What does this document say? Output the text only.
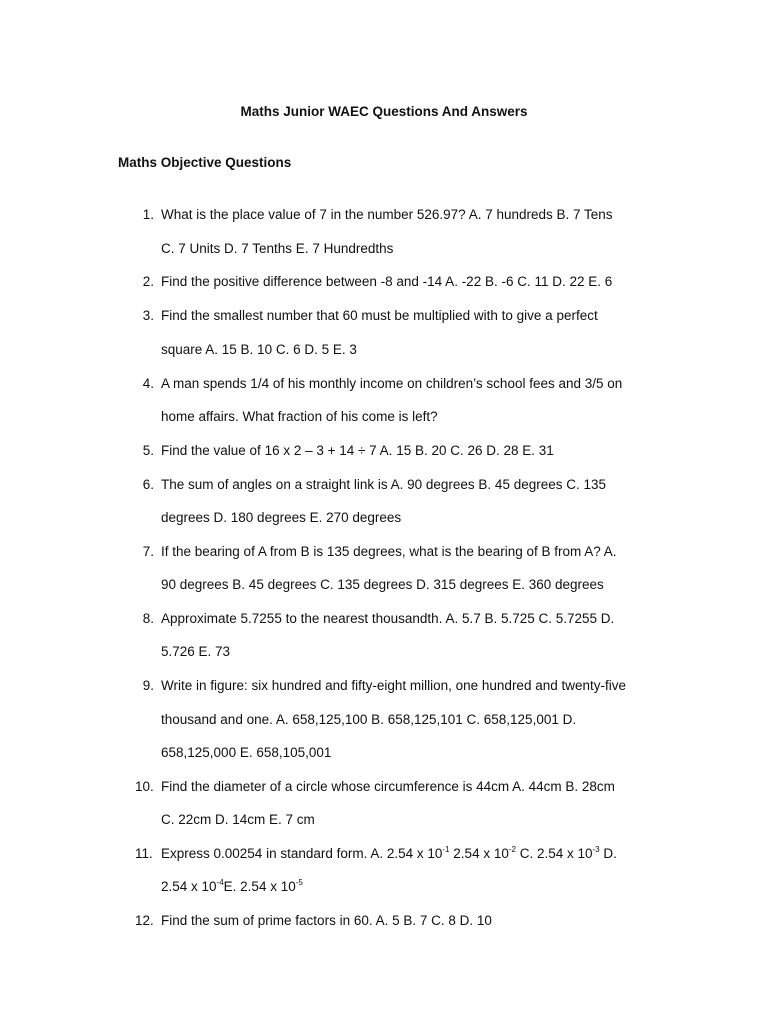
Maths Junior WAEC Questions And Answers
Maths Objective Questions
1. What is the place value of 7 in the number 526.97? A. 7 hundreds B. 7 Tens
C. 7 Units D. 7 Tenths E. 7 Hundredths
2. Find the positive difference between -8 and -14 A. -22 B. -6 C. 11 D. 22 E. 6
3. Find the smallest number that 60 must be multiplied with to give a perfect
square A. 15 B. 10 C. 6 D. 5 E. 3
4. A man spends 1/4 of his monthly income on children’s school fees and 3/5 on
home affairs. What fraction of his come is left?
5. Find the value of 16 x 2 – 3 + 14 ÷ 7 A. 15 B. 20 C. 26 D. 28 E. 31
6. The sum of angles on a straight link is A. 90 degrees B. 45 degrees C. 135
degrees D. 180 degrees E. 270 degrees
7. If the bearing of A from B is 135 degrees, what is the bearing of B from A? A.
90 degrees B. 45 degrees C. 135 degrees D. 315 degrees E. 360 degrees
8. Approximate 5.7255 to the nearest thousandth. A. 5.7 B. 5.725 C. 5.7255 D.
5.726 E. 73
9. Write in figure: six hundred and fifty-eight million, one hundred and twenty-five
thousand and one. A. 658,125,100 B. 658,125,101 C. 658,125,001 D.
658,125,000 E. 658,105,001
10. Find the diameter of a circle whose circumference is 44cm A. 44cm B. 28cm
C. 22cm D. 14cm E. 7 cm
11. Express 0.00254 in standard form. A. 2.54 x $10^{-1}$ 2.54 x $10^{-2}$ C. 2.54 x $10^{-3}$ D.
2.54 x $10^{-4}E$. 2.54 x $10^{-5}$
12. Find the sum of prime factors in 60. A. 5 B. 7 C. 8 D. 10
